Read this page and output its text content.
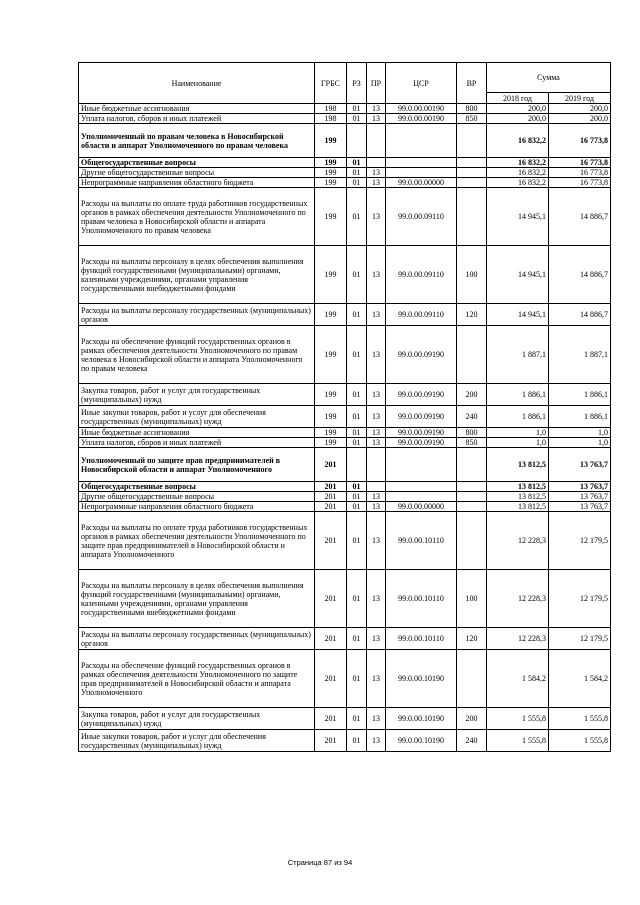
Наименование	ГРБС	РЗ	ПР	ЦСР	ВР	Сумма	
						2018 год	2019 год
Иные бюджетные ассигнования	198	01	13	99.0.00.00190	800	200,0	200,0
Уплата налогов, сборов и иных платежей	198	01	13	99.0.00.00190	850	200,0	200,0
Уполномоченный по правам человека в Новосибирской области и аппарат Уполномоченного по правам человека	199					16 832,2	16 773,8
Общегосударственные вопросы	199	01				16 832,2	16 773,8
Другие общегосударственные вопросы	199	01	13			16 832,2	16 773,8
Непрограммные направления областного бюджета	199	01	13	99.0.00.00000		16 832,2	16 773,8
Расходы на выплаты по оплате труда работников государственных органов в рамках обеспечения деятельности Уполномоченного по правам человека в Новосибирской области и аппарата Уполномоченного по правам человека	199	01	13	99.0.00.09110		14 945,1	14 886,7
Расходы на выплаты персоналу в целях обеспечения выполнения функций государственными (муниципальными) органами, казенными учреждениями, органами управления государственными внебюджетными фондами	199	01	13	99.0.00.09110	100	14 945,1	14 886,7
Расходы на выплаты персоналу государственных (муниципальных) органов	199	01	13	99.0.00.09110	120	14 945,1	14 886,7
Расходы на обеспечение функций государственных органов в рамках обеспечения деятельности Уполномоченного по правам человека в Новосибирской области и аппарата Уполномоченного по правам человека	199	01	13	99.0.00.09190		1 887,1	1 887,1
Закупка товаров, работ и услуг для государственных (муниципальных) нужд	199	01	13	99.0.00.09190	200	1 886,1	1 886,1
Иные закупки товаров, работ и услуг для обеспечения государственных (муниципальных) нужд	199	01	13	99.0.00.09190	240	1 886,1	1 886,1
Иные бюджетные ассигнования	199	01	13	99.0.00.09190	800	1,0	1,0
Уплата налогов, сборов и иных платежей	199	01	13	99.0.00.09190	850	1,0	1,0
Уполномоченный по защите прав предпринимателей в Новосибирской области и аппарат Уполномоченного	201					13 812,5	13 763,7
Общегосударственные вопросы	201	01				13 812,5	13 763,7
Другие общегосударственные вопросы	201	01	13			13 812,5	13 763,7
Непрограммные направления областного бюджета	201	01	13	99.0.00.00000		13 812,5	13 763,7
Расходы на выплаты по оплате труда работников государственных органов в рамках обеспечения деятельности Уполномоченного по защите прав предпринимателей в Новосибирской области и аппарата Уполномоченного	201	01	13	99.0.00.10110		12 228,3	12 179,5
Расходы на выплаты персоналу в целях обеспечения выполнения функций государственными (муниципальными) органами, казенными учреждениями, органами управления государственными внебюджетными фондами	201	01	13	99.0.00.10110	100	12 228,3	12 179,5
Расходы на выплаты персоналу государственных (муниципальных) органов	201	01	13	99.0.00.10110	120	12 228,3	12 179,5
Расходы на обеспечение функций государственных органов в рамках обеспечения деятельности Уполномоченного по защите прав предпринимателей в Новосибирской области и аппарата Уполномоченного	201	01	13	99.0.00.10190		1 584,2	1 584,2
Закупка товаров, работ и услуг для государственных (муниципальных) нужд	201	01	13	99.0.00.10190	200	1 555,8	1 555,8
Иные закупки товаров, работ и услуг для обеспечения государственных (муниципальных) нужд	201	01	13	99.0.00.10190	240	1 555,8	1 555,8
Страница 87 из 94
